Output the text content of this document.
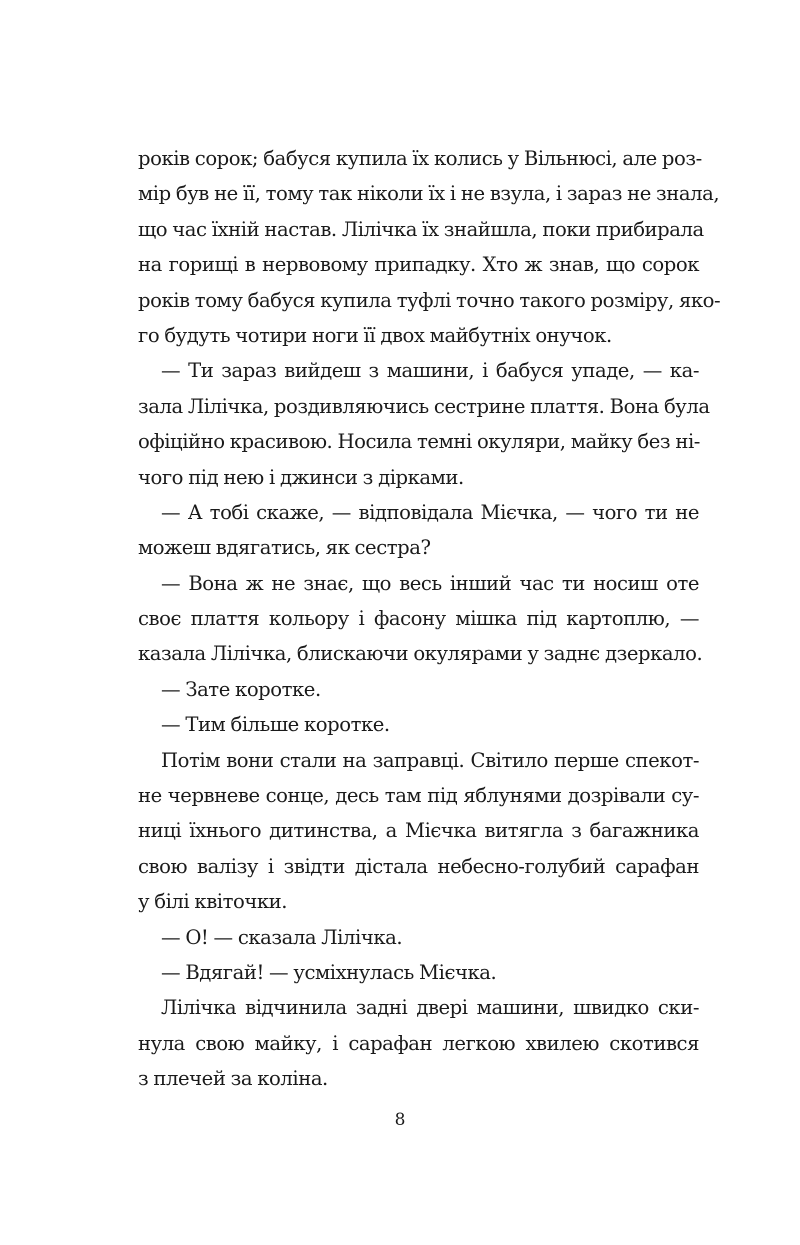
років сорок; бабуся купила їх колись у Вільнюсі, але роз-
мір був не її, тому так ніколи їх і не взула, і зараз не знала,
що час їхній настав. Лілічка їх знайшла, поки прибирала
на горищі в нервовому припадку. Хто ж знав, що сорок
років тому бабуся купила туфлі точно такого розміру, яко-
го будуть чотири ноги її двох майбутніх онучок.
— Ти зараз вийдеш з машини, і бабуся упаде, — ка-
зала Лілічка, роздивляючись сестрине плаття. Вона була
офіційно красивою. Носила темні окуляри, майку без ні-
чого під нею і джинси з дірками.
— А тобі скаже, — відповідала Мієчка, — чого ти не
можеш вдягатись, як сестра?
— Вона ж не знає, що весь інший час ти носиш оте
своє плаття кольору і фасону мішка під картоплю, —
казала Лілічка, блискаючи окулярами у заднє дзеркало.
— Зате коротке.
— Тим більше коротке.
Потім вони стали на заправці. Світило перше спекот-
не червневе сонце, десь там під яблунями дозрівали су-
ниці їхнього дитинства, а Мієчка витягла з багажника
свою валізу і звідти дістала небесно-голубий сарафан
у білі квіточки.
— О! — сказала Лілічка.
— Вдягай! — усміхнулась Мієчка.
Лілічка відчинила задні двері машини, швидко ски-
нула свою майку, і сарафан легкою хвилею скотився
з плечей за коліна.
8
